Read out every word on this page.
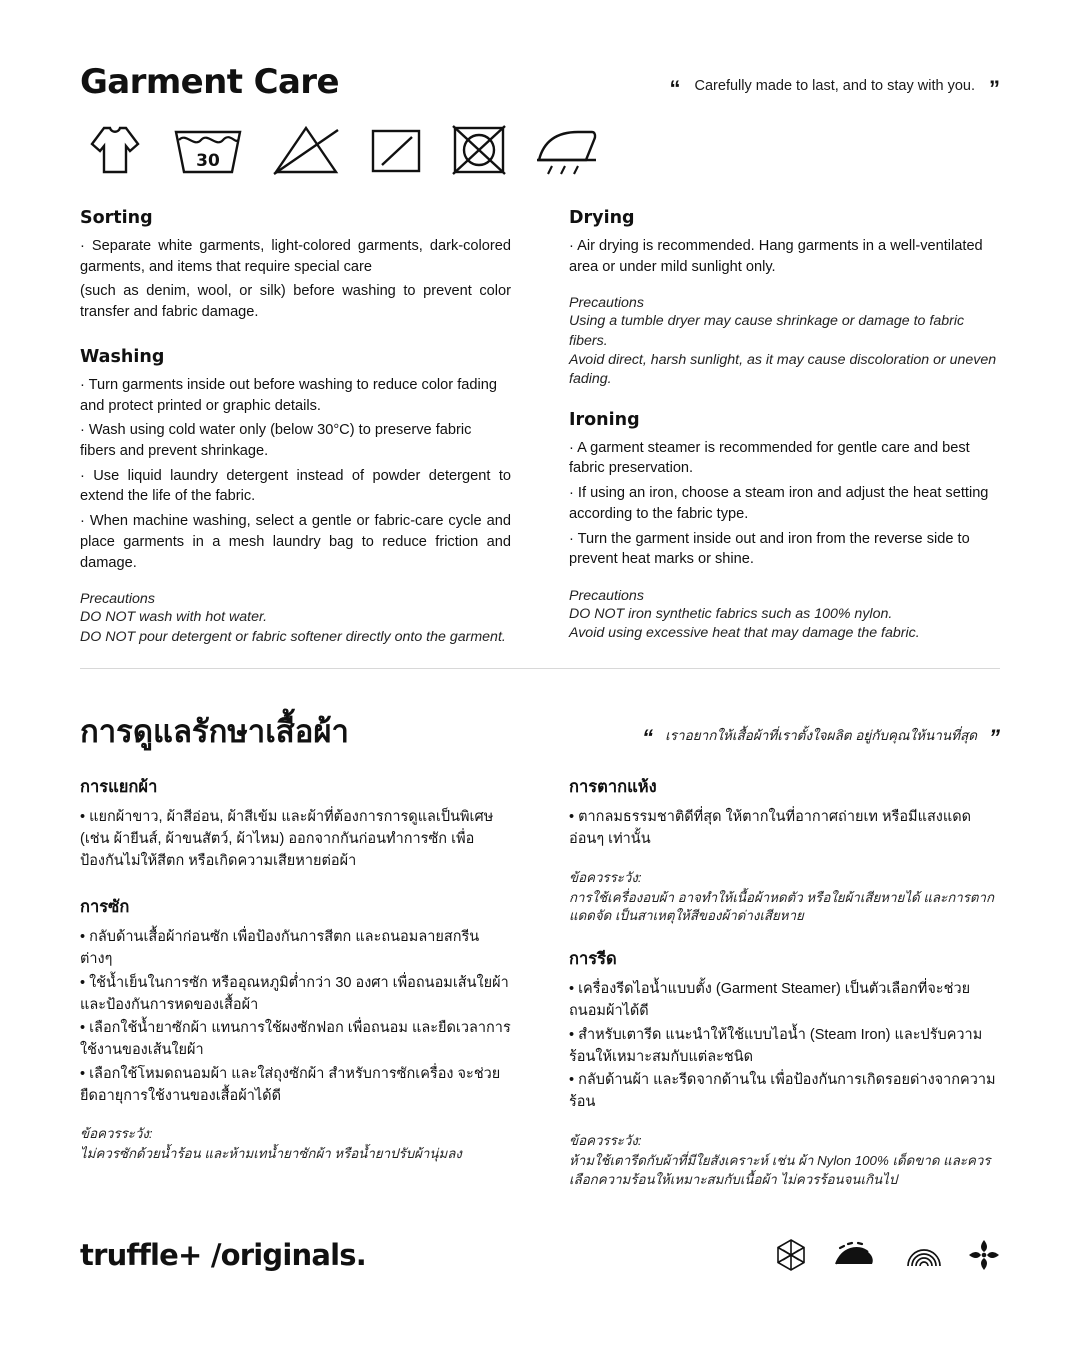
Garment Care	“ Carefully made to last, and to stay with you. ”
30
Sorting

· Separate white garments, light-colored garments, dark-colored garments, and items that require special care

(such as denim, wool, or silk) before washing to prevent color transfer and fabric damage.

Washing

· Turn garments inside out before washing to reduce color fading and protect printed or graphic details.

· Wash using cold water only (below 30°C) to preserve fabric fibers and prevent shrinkage.

· Use liquid laundry detergent instead of powder detergent to extend the life of the fabric.

· When machine washing, select a gentle or fabric-care cycle and place garments in a mesh laundry bag to reduce friction and damage.

Precautions

DO NOT wash with hot water.

DO NOT pour detergent or fabric softener directly onto the garment.

Drying

· Air drying is recommended. Hang garments in a well-ventilated area or under mild sunlight only.

Precautions

Using a tumble dryer may cause shrinkage or damage to fabric fibers.

Avoid direct, harsh sunlight, as it may cause discoloration or uneven fading.

Ironing

· A garment steamer is recommended for gentle care and best fabric preservation.

· If using an iron, choose a steam iron and adjust the heat setting according to the fabric type.

· Turn the garment inside out and iron from the reverse side to prevent heat marks or shine.

Precautions

DO NOT iron synthetic fabrics such as 100% nylon.

Avoid using excessive heat that may damage the fabric.

การดูแลรักษาเสื้อผ้า	“ เราอยากให้เสื้อผ้าที่เราตั้งใจผลิต อยู่กับคุณให้นานที่สุด ”
การแยกผ้า

• แยกผ้าขาว, ผ้าสีอ่อน, ผ้าสีเข้ม และผ้าที่ต้องการการดูแลเป็นพิเศษ (เช่น ผ้ายีนส์, ผ้าขนสัตว์, ผ้าไหม) ออกจากกันก่อนทำการซัก เพื่อป้องกันไม่ให้สีตก หรือเกิดความเสียหายต่อผ้า

การซัก

• กลับด้านเสื้อผ้าก่อนซัก เพื่อป้องกันการสีตก และถนอมลายสกรีนต่างๆ

• ใช้น้ำเย็นในการซัก หรืออุณหภูมิต่ำกว่า 30 องศา เพื่อถนอมเส้นใยผ้า และป้องกันการหดของเสื้อผ้า

• เลือกใช้น้ำยาซักผ้า แทนการใช้ผงซักฟอก เพื่อถนอม และยืดเวลาการใช้งานของเส้นใยผ้า

• เลือกใช้โหมดถนอมผ้า และใส่ถุงซักผ้า สำหรับการซักเครื่อง จะช่วยยืดอายุการใช้งานของเสื้อผ้าได้ดี

ข้อควรระวัง:

ไม่ควรซักด้วยน้ำร้อน และห้ามเทน้ำยาซักผ้า หรือน้ำยาปรับผ้านุ่มลง

การตากแห้ง

• ตากลมธรรมชาติดีที่สุด ให้ตากในที่อากาศถ่ายเท หรือมีแสงแดดอ่อนๆ เท่านั้น

ข้อควรระวัง:

การใช้เครื่องอบผ้า อาจทำให้เนื้อผ้าหดตัว หรือใยผ้าเสียหายได้ และการตากแดดจัด เป็นสาเหตุให้สีของผ้าด่างเสียหาย

การรีด

• เครื่องรีดไอน้ำแบบตั้ง (Garment Steamer) เป็นตัวเลือกที่จะช่วยถนอมผ้าได้ดี

• สำหรับเตารีด แนะนำให้ใช้แบบไอน้ำ (Steam Iron) และปรับความร้อนให้เหมาะสมกับแต่ละชนิด

• กลับด้านผ้า และรีดจากด้านใน เพื่อป้องกันการเกิดรอยด่างจากความร้อน

ข้อควรระวัง:

ห้ามใช้เตารีดกับผ้าที่มีใยสังเคราะห์ เช่น ผ้า Nylon 100% เด็ดขาด และควรเลือกความร้อนให้เหมาะสมกับเนื้อผ้า ไม่ควรร้อนจนเกินไป

truffle+ /originals.
